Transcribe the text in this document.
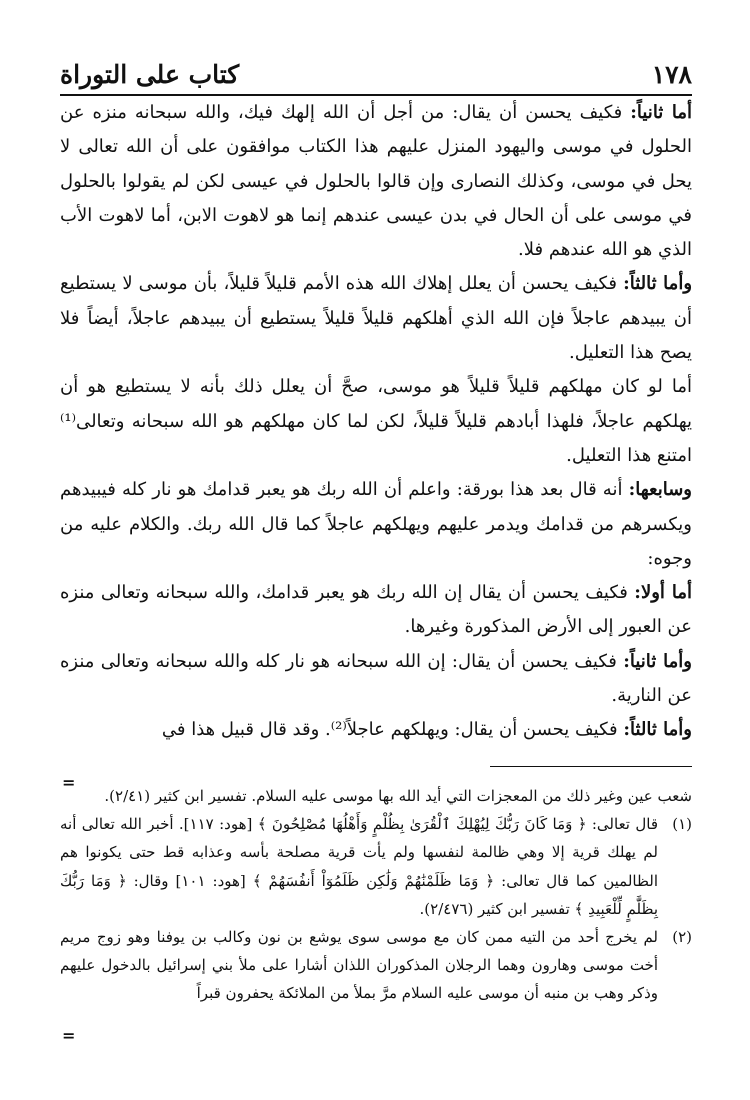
كتاب على التوراة	١٧٨

أما ثانياً: فكيف يحسن أن يقال: من أجل أن الله إلهك فيك، والله سبحانه منزه عن الحلول في موسى واليهود المنزل عليهم هذا الكتاب موافقون على أن الله تعالى لا يحل في موسى، وكذلك النصارى وإن قالوا بالحلول في عيسى لكن لم يقولوا بالحلول في موسى على أن الحال في بدن عيسى عندهم إنما هو لاهوت الابن، أما لاهوت الأب الذي هو الله عندهم فلا.

وأما ثالثاً: فكيف يحسن أن يعلل إهلاك الله هذه الأمم قليلاً قليلاً، بأن موسى لا يستطيع أن يبيدهم عاجلاً فإن الله الذي أهلكهم قليلاً قليلاً يستطيع أن يبيدهم عاجلاً، أيضاً فلا يصح هذا التعليل.

أما لو كان مهلكهم قليلاً قليلاً هو موسى، صحَّ أن يعلل ذلك بأنه لا يستطيع هو أن يهلكهم عاجلاً، فلهذا أبادهم قليلاً قليلاً، لكن لما كان مهلكهم هو الله سبحانه وتعالى⁽¹⁾ امتنع هذا التعليل.

وسابعها: أنه قال بعد هذا بورقة: واعلم أن الله ربك هو يعبر قدامك هو نار كله فيبيدهم ويكسرهم من قدامك ويدمر عليهم ويهلكهم عاجلاً كما قال الله ربك. والكلام عليه من وجوه:

أما أولا: فكيف يحسن أن يقال إن الله ربك هو يعبر قدامك، والله سبحانه وتعالى منزه عن العبور إلى الأرض المذكورة وغيرها.

وأما ثانياً: فكيف يحسن أن يقال: إن الله سبحانه هو نار كله والله سبحانه وتعالى منزه عن النارية.

وأما ثالثاً: فكيف يحسن أن يقال: ويهلكهم عاجلاً⁽²⁾. وقد قال قبيل هذا في

=

شعب عين وغير ذلك من المعجزات التي أيد الله بها موسى عليه السلام. تفسير ابن كثير (٢/٤١).

(١)
قال تعالى: ﴿ وَمَا كَانَ رَبُّكَ لِيُهْلِكَ ٱلْقُرَىٰ بِظُلْمٍ وَأَهْلُهَا مُصْلِحُونَ ﴾ [هود: ١١٧]. أخبر الله تعالى أنه لم يهلك قرية إلا وهي ظالمة لنفسها ولم يأت قرية مصلحة بأسه وعذابه قط حتى يكونوا هم الظالمين كما قال تعالى: ﴿ وَمَا ظَلَمْنَٰهُمْ وَلَٰكِن ظَلَمُوٓاْ أَنفُسَهُمْ ﴾ [هود: ١٠١] وقال: ﴿ وَمَا رَبُّكَ بِظَلَّٰمٍ لِّلْعَبِيدِ ﴾ تفسير ابن كثير (٢/٤٧٦).

(٢)
لم يخرج أحد من التيه ممن كان مع موسى سوى يوشع بن نون وكالب بن يوفنا وهو زوج مريم أخت موسى وهارون وهما الرجلان المذكوران اللذان أشارا على ملأ بني إسرائيل بالدخول عليهم وذكر وهب بن منبه أن موسى عليه السلام مرَّ بملأ من الملائكة يحفرون قبراً

=
